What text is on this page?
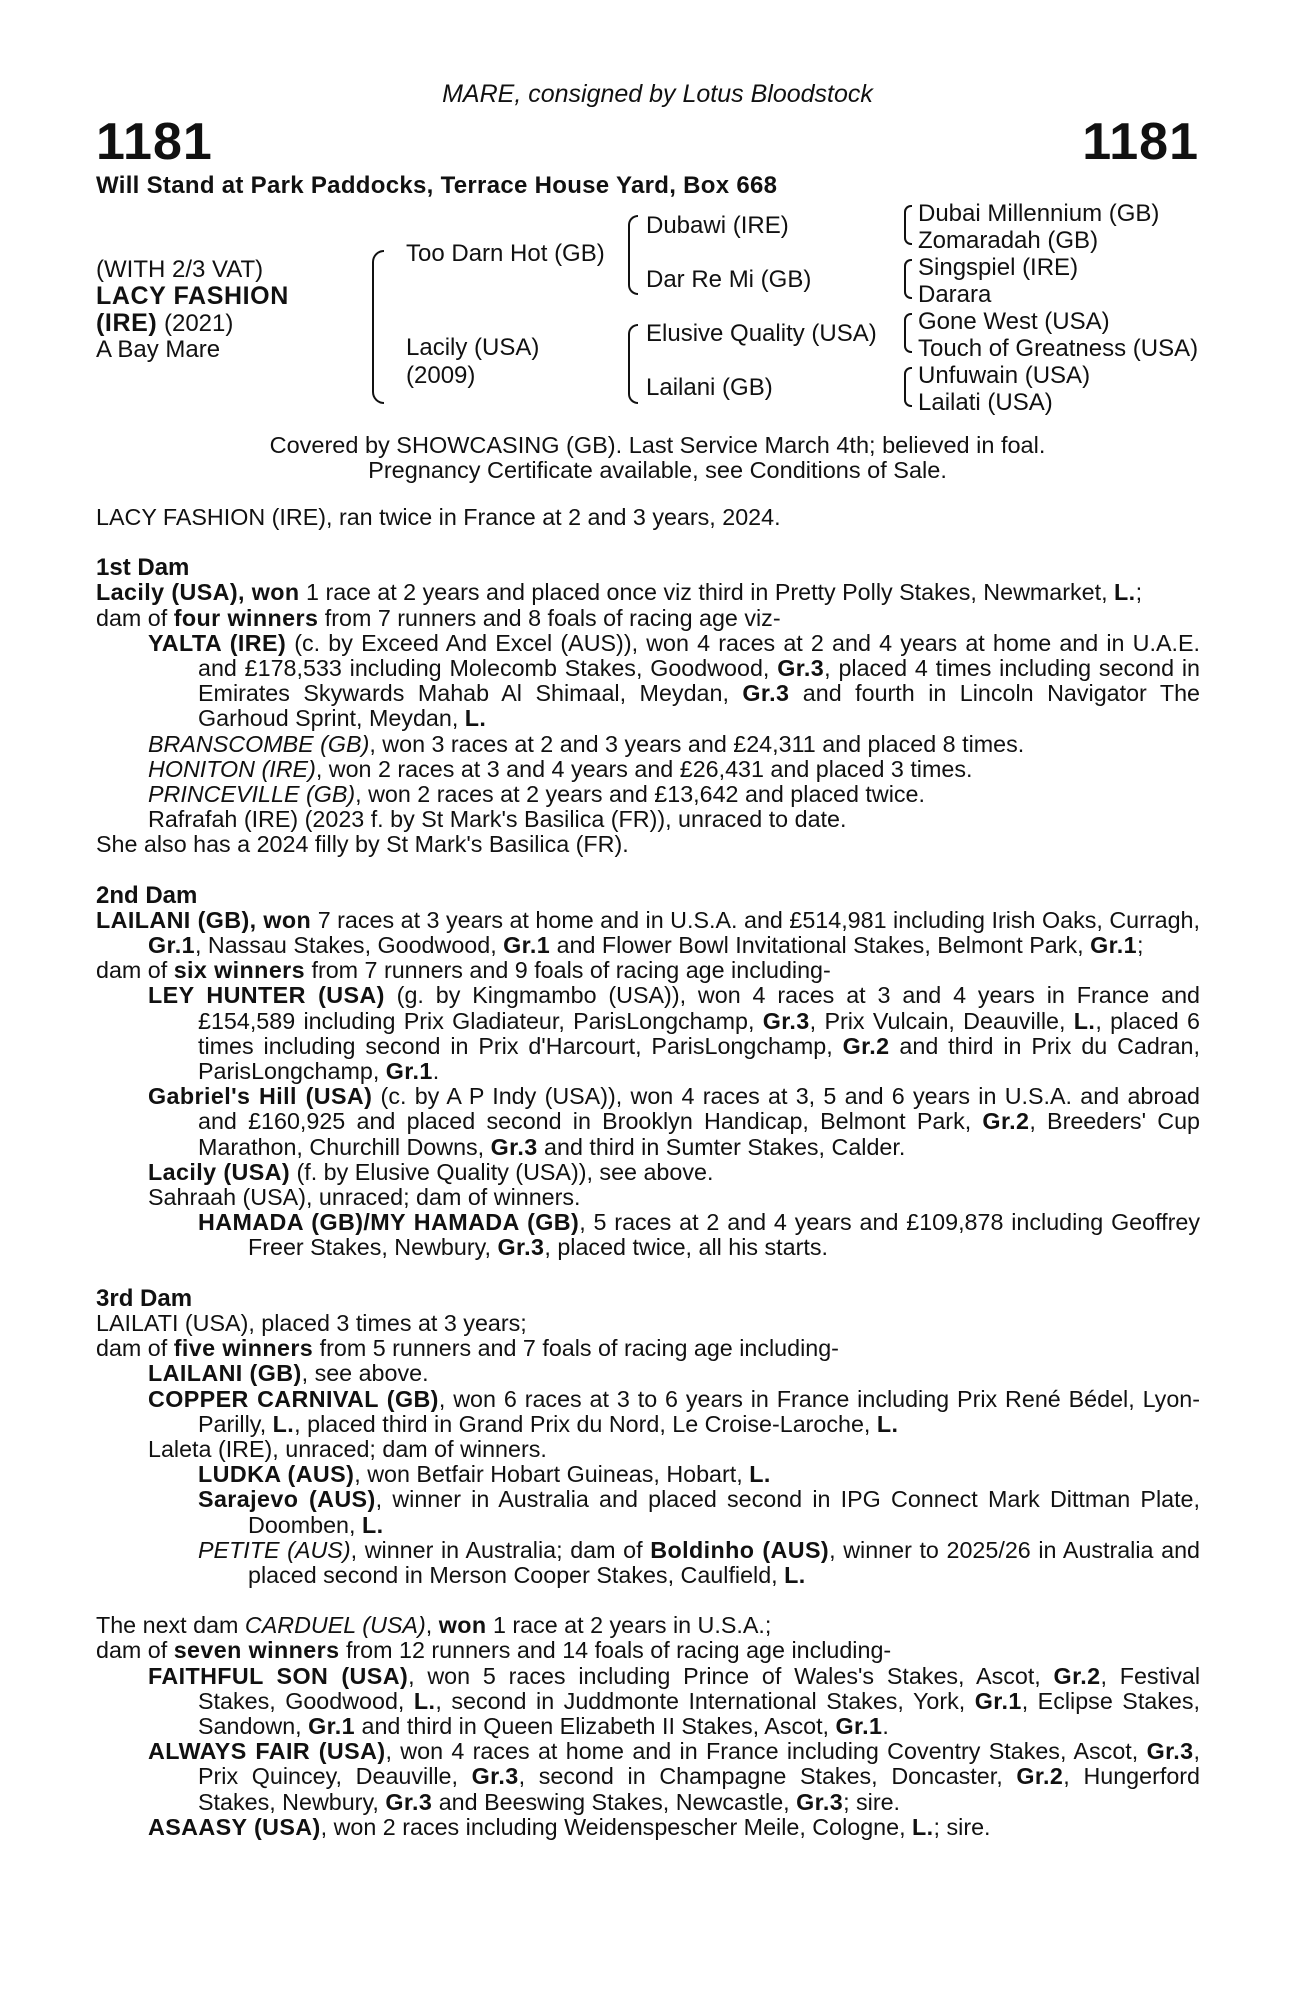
MARE, consigned by Lotus Bloodstock
1181	1181
Will Stand at Park Paddocks, Terrace House Yard, Box 668
(WITH 2/3 VAT)
LACY FASHION
(IRE) (2021)
A Bay Mare
Too Darn Hot (GB)
Lacily (USA)
(2009)
Dubawi (IRE)
Dar Re Mi (GB)
Elusive Quality (USA)
Lailani (GB)
Dubai Millennium (GB)
Zomaradah (GB)
Singspiel (IRE)
Darara
Gone West (USA)
Touch of Greatness (USA)
Unfuwain (USA)
Lailati (USA)
Covered by SHOWCASING (GB). Last Service March 4th; believed in foal.
Pregnancy Certificate available, see Conditions of Sale.

LACY FASHION (IRE), ran twice in France at 2 and 3 years, 2024.

1st Dam

Lacily (USA), won 1 race at 2 years and placed once viz third in Pretty Polly Stakes, Newmarket, L.;

dam of four winners from 7 runners and 8 foals of racing age viz-

YALTA (IRE) (c. by Exceed And Excel (AUS)), won 4 races at 2 and 4 years at home and in U.A.E. and £178,533 including Molecomb Stakes, Goodwood, Gr.3, placed 4 times including second in Emirates Skywards Mahab Al Shimaal, Meydan, Gr.3 and fourth in Lincoln Navigator The Garhoud Sprint, Meydan, L.

BRANSCOMBE (GB), won 3 races at 2 and 3 years and £24,311 and placed 8 times.

HONITON (IRE), won 2 races at 3 and 4 years and £26,431 and placed 3 times.

PRINCEVILLE (GB), won 2 races at 2 years and £13,642 and placed twice.

Rafrafah (IRE) (2023 f. by St Mark's Basilica (FR)), unraced to date.

She also has a 2024 filly by St Mark's Basilica (FR).

2nd Dam

LAILANI (GB), won 7 races at 3 years at home and in U.S.A. and £514,981 including Irish Oaks, Curragh, Gr.1, Nassau Stakes, Goodwood, Gr.1 and Flower Bowl Invitational Stakes, Belmont Park, Gr.1;

dam of six winners from 7 runners and 9 foals of racing age including-

LEY HUNTER (USA) (g. by Kingmambo (USA)), won 4 races at 3 and 4 years in France and £154,589 including Prix Gladiateur, ParisLongchamp, Gr.3, Prix Vulcain, Deauville, L., placed 6 times including second in Prix d'Harcourt, ParisLongchamp, Gr.2 and third in Prix du Cadran, ParisLongchamp, Gr.1.

Gabriel's Hill (USA) (c. by A P Indy (USA)), won 4 races at 3, 5 and 6 years in U.S.A. and abroad and £160,925 and placed second in Brooklyn Handicap, Belmont Park, Gr.2, Breeders' Cup Marathon, Churchill Downs, Gr.3 and third in Sumter Stakes, Calder.

Lacily (USA) (f. by Elusive Quality (USA)), see above.

Sahraah (USA), unraced; dam of winners.

HAMADA (GB)/MY HAMADA (GB), 5 races at 2 and 4 years and £109,878 including Geoffrey Freer Stakes, Newbury, Gr.3, placed twice, all his starts.

3rd Dam

LAILATI (USA), placed 3 times at 3 years;

dam of five winners from 5 runners and 7 foals of racing age including-

LAILANI (GB), see above.

COPPER CARNIVAL (GB), won 6 races at 3 to 6 years in France including Prix René Bédel, Lyon-Parilly, L., placed third in Grand Prix du Nord, Le Croise-Laroche, L.

Laleta (IRE), unraced; dam of winners.

LUDKA (AUS), won Betfair Hobart Guineas, Hobart, L.

Sarajevo (AUS), winner in Australia and placed second in IPG Connect Mark Dittman Plate, Doomben, L.

PETITE (AUS), winner in Australia; dam of Boldinho (AUS), winner to 2025/26 in Australia and placed second in Merson Cooper Stakes, Caulfield, L.

The next dam CARDUEL (USA), won 1 race at 2 years in U.S.A.;

dam of seven winners from 12 runners and 14 foals of racing age including-

FAITHFUL SON (USA), won 5 races including Prince of Wales's Stakes, Ascot, Gr.2, Festival Stakes, Goodwood, L., second in Juddmonte International Stakes, York, Gr.1, Eclipse Stakes, Sandown, Gr.1 and third in Queen Elizabeth II Stakes, Ascot, Gr.1.

ALWAYS FAIR (USA), won 4 races at home and in France including Coventry Stakes, Ascot, Gr.3, Prix Quincey, Deauville, Gr.3, second in Champagne Stakes, Doncaster, Gr.2, Hungerford Stakes, Newbury, Gr.3 and Beeswing Stakes, Newcastle, Gr.3; sire.

ASAASY (USA), won 2 races including Weidenspescher Meile, Cologne, L.; sire.
